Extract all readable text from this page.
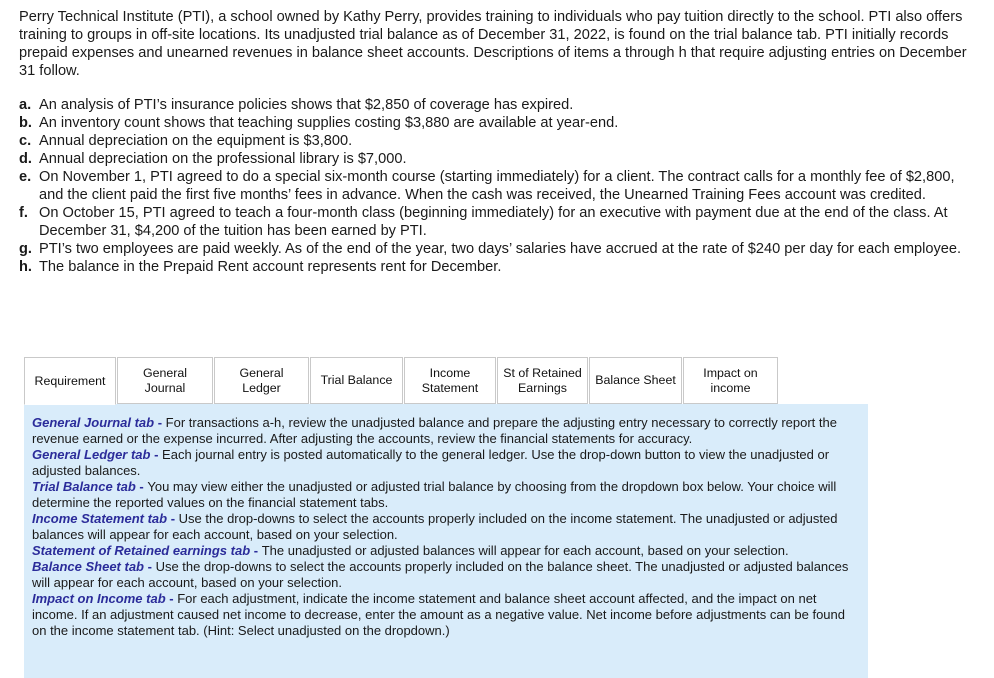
Perry Technical Institute (PTI), a school owned by Kathy Perry, provides training to individuals who pay tuition directly to the school. PTI also offers training to groups in off-site locations. Its unadjusted trial balance as of December 31, 2022, is found on the trial balance tab. PTI initially records prepaid expenses and unearned revenues in balance sheet accounts. Descriptions of items a through h that require adjusting entries on December 31 follow.

a. An analysis of PTI’s insurance policies shows that $2,850 of coverage has expired.
b. An inventory count shows that teaching supplies costing $3,880 are available at year-end.
c. Annual depreciation on the equipment is $3,800.
d. Annual depreciation on the professional library is $7,000.
e. On November 1, PTI agreed to do a special six-month course (starting immediately) for a client. The contract calls for a monthly fee of $2,800, and the client paid the first five months’ fees in advance. When the cash was received, the Unearned Training Fees account was credited.
f. On October 15, PTI agreed to teach a four-month class (beginning immediately) for an executive with payment due at the end of the class. At December 31, $4,200 of the tuition has been earned by PTI.
g. PTI’s two employees are paid weekly. As of the end of the year, two days’ salaries have accrued at the rate of $240 per day for each employee.
h. The balance in the Prepaid Rent account represents rent for December.
Requirement
General
Journal
General
Ledger
Trial Balance
Income
Statement
St of Retained
Earnings
Balance Sheet
Impact on
income

General Journal tab - For transactions a-h, review the unadjusted balance and prepare the adjusting entry necessary to correctly report the revenue earned or the expense incurred. After adjusting the accounts, review the financial statements for accuracy.

General Ledger tab - Each journal entry is posted automatically to the general ledger. Use the drop-down button to view the unadjusted or adjusted balances.

Trial Balance tab - You may view either the unadjusted or adjusted trial balance by choosing from the dropdown box below. Your choice will determine the reported values on the financial statement tabs.

Income Statement tab - Use the drop-downs to select the accounts properly included on the income statement. The unadjusted or adjusted balances will appear for each account, based on your selection.

Statement of Retained earnings tab - The unadjusted or adjusted balances will appear for each account, based on your selection.

Balance Sheet tab - Use the drop-downs to select the accounts properly included on the balance sheet. The unadjusted or adjusted balances will appear for each account, based on your selection.

Impact on Income tab - For each adjustment, indicate the income statement and balance sheet account affected, and the impact on net income. If an adjustment caused net income to decrease, enter the amount as a negative value. Net income before adjustments can be found on the income statement tab. (Hint: Select unadjusted on the dropdown.)
